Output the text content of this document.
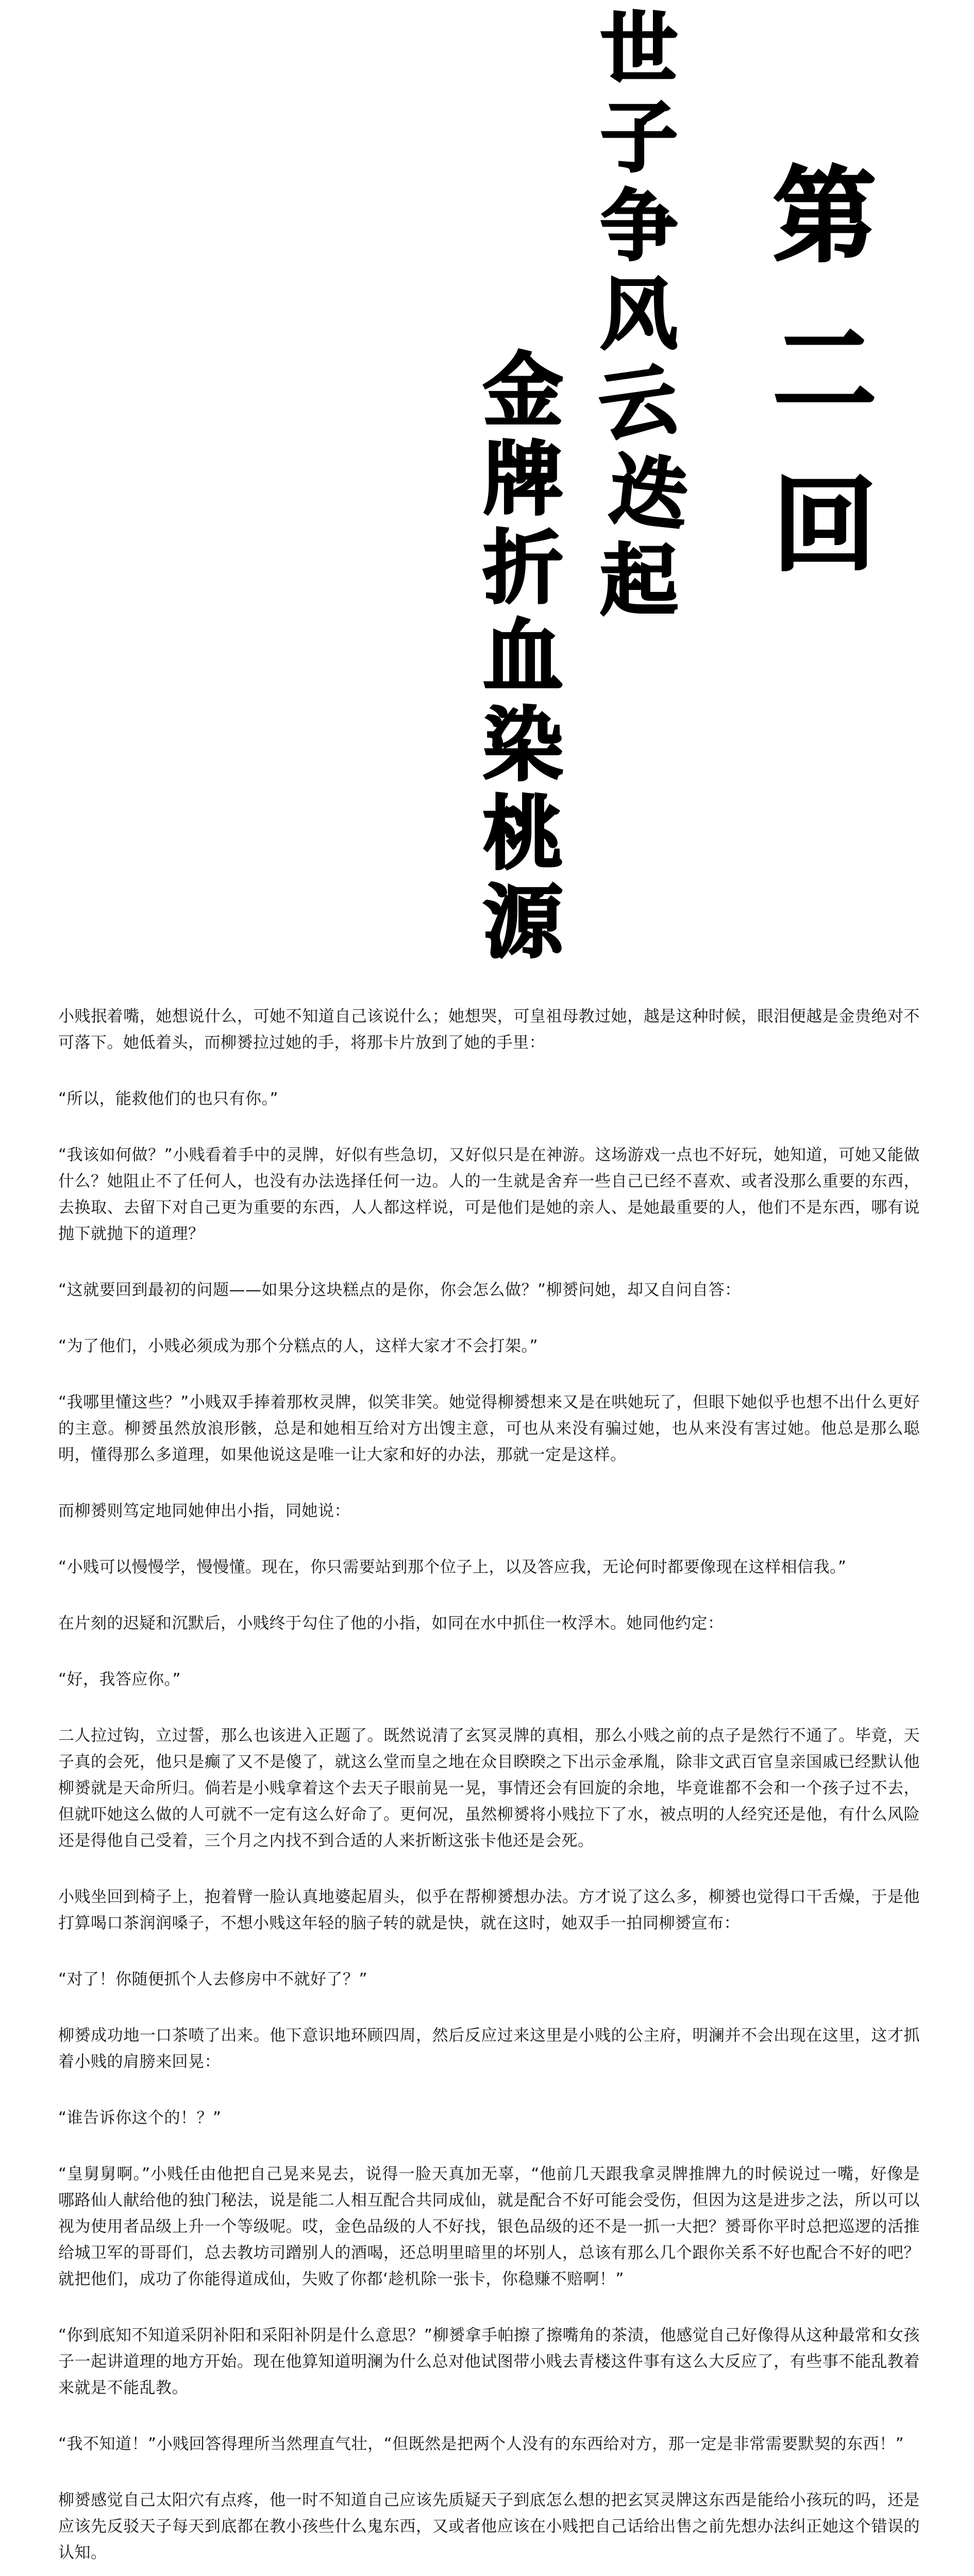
第
二
回
世
子
争
风
云
迭
起
金
牌
折
血
染
桃
源

小贱抿着嘴，她想说什么，可她不知道自己该说什么；她想哭，可皇祖母教过她，越是这种时候，眼泪便越是金贵绝对不可落下。她低着头，而柳赟拉过她的手，将那卡片放到了她的手里：

“所以，能救他们的也只有你。”

“我该如何做？”小贱看着手中的灵牌，好似有些急切，又好似只是在神游。这场游戏一点也不好玩，她知道，可她又能做什么？她阻止不了任何人，也没有办法选择任何一边。人的一生就是舍弃一些自己已经不喜欢、或者没那么重要的东西，去换取、去留下对自己更为重要的东西，人人都这样说，可是他们是她的亲人、是她最重要的人，他们不是东西，哪有说抛下就抛下的道理？

“这就要回到最初的问题——如果分这块糕点的是你，你会怎么做？”柳赟问她，却又自问自答：

“为了他们，小贱必须成为那个分糕点的人，这样大家才不会打架。”

“我哪里懂这些？”小贱双手捧着那枚灵牌，似笑非笑。她觉得柳赟想来又是在哄她玩了，但眼下她似乎也想不出什么更好的主意。柳赟虽然放浪形骸，总是和她相互给对方出馊主意，可也从来没有骗过她，也从来没有害过她。他总是那么聪明，懂得那么多道理，如果他说这是唯一让大家和好的办法，那就一定是这样。

而柳赟则笃定地同她伸出小指，同她说：

“小贱可以慢慢学，慢慢懂。现在，你只需要站到那个位子上，以及答应我，无论何时都要像现在这样相信我。”

在片刻的迟疑和沉默后，小贱终于勾住了他的小指，如同在水中抓住一枚浮木。她同他约定：

“好，我答应你。”

二人拉过钩，立过誓，那么也该进入正题了。既然说清了玄冥灵牌的真相，那么小贱之前的点子是然行不通了。毕竟，天子真的会死，他只是癫了又不是傻了，就这么堂而皇之地在众目睽睽之下出示金承胤，除非文武百官皇亲国戚已经默认他柳赟就是天命所归。倘若是小贱拿着这个去天子眼前晃一晃，事情还会有回旋的余地，毕竟谁都不会和一个孩子过不去，但就吓她这么做的人可就不一定有这么好命了。更何况，虽然柳赟将小贱拉下了水，被点明的人经究还是他，有什么风险还是得他自己受着，三个月之内找不到合适的人来折断这张卡他还是会死。

小贱坐回到椅子上，抱着臂一脸认真地婆起眉头，似乎在帮柳赟想办法。方才说了这么多，柳赟也觉得口干舌燥，于是他打算喝口茶润润嗓子，不想小贱这年轻的脑子转的就是快，就在这时，她双手一拍同柳赟宣布：

“对了！你随便抓个人去修房中不就好了？”

柳赟成功地一口茶喷了出来。他下意识地环顾四周，然后反应过来这里是小贱的公主府，明澜并不会出现在这里，这才抓着小贱的肩膀来回晃：

“谁告诉你这个的！？”

“皇舅舅啊。”小贱任由他把自己晃来晃去，说得一脸天真加无辜，“他前几天跟我拿灵牌推牌九的时候说过一嘴，好像是哪路仙人献给他的独门秘法，说是能二人相互配合共同成仙，就是配合不好可能会受伤，但因为这是进步之法，所以可以视为使用者品级上升一个等级呢。哎，金色品级的人不好找，银色品级的还不是一抓一大把？赟哥你平时总把巡逻的活推给城卫军的哥哥们，总去教坊司蹭别人的酒喝，还总明里暗里的坏别人，总该有那么几个跟你关系不好也配合不好的吧？就把他们，成功了你能得道成仙，失败了你都‘趁机除一张卡，你稳赚不赔啊！”

“你到底知不知道采阴补阳和采阳补阴是什么意思？”柳赟拿手帕擦了擦嘴角的茶渍，他感觉自己好像得从这种最常和女孩子一起讲道理的地方开始。现在他算知道明澜为什么总对他试图带小贱去青楼这件事有这么大反应了，有些事不能乱教着来就是不能乱教。

“我不知道！”小贱回答得理所当然理直气壮，“但既然是把两个人没有的东西给对方，那一定是非常需要默契的东西！”

柳赟感觉自己太阳穴有点疼，他一时不知道自己应该先质疑天子到底怎么想的把玄冥灵牌这东西是能给小孩玩的吗，还是应该先反驳天子每天到底都在教小孩些什么鬼东西，又或者他应该在小贱把自己话给出售之前先想办法纠正她这个错误的认知。
